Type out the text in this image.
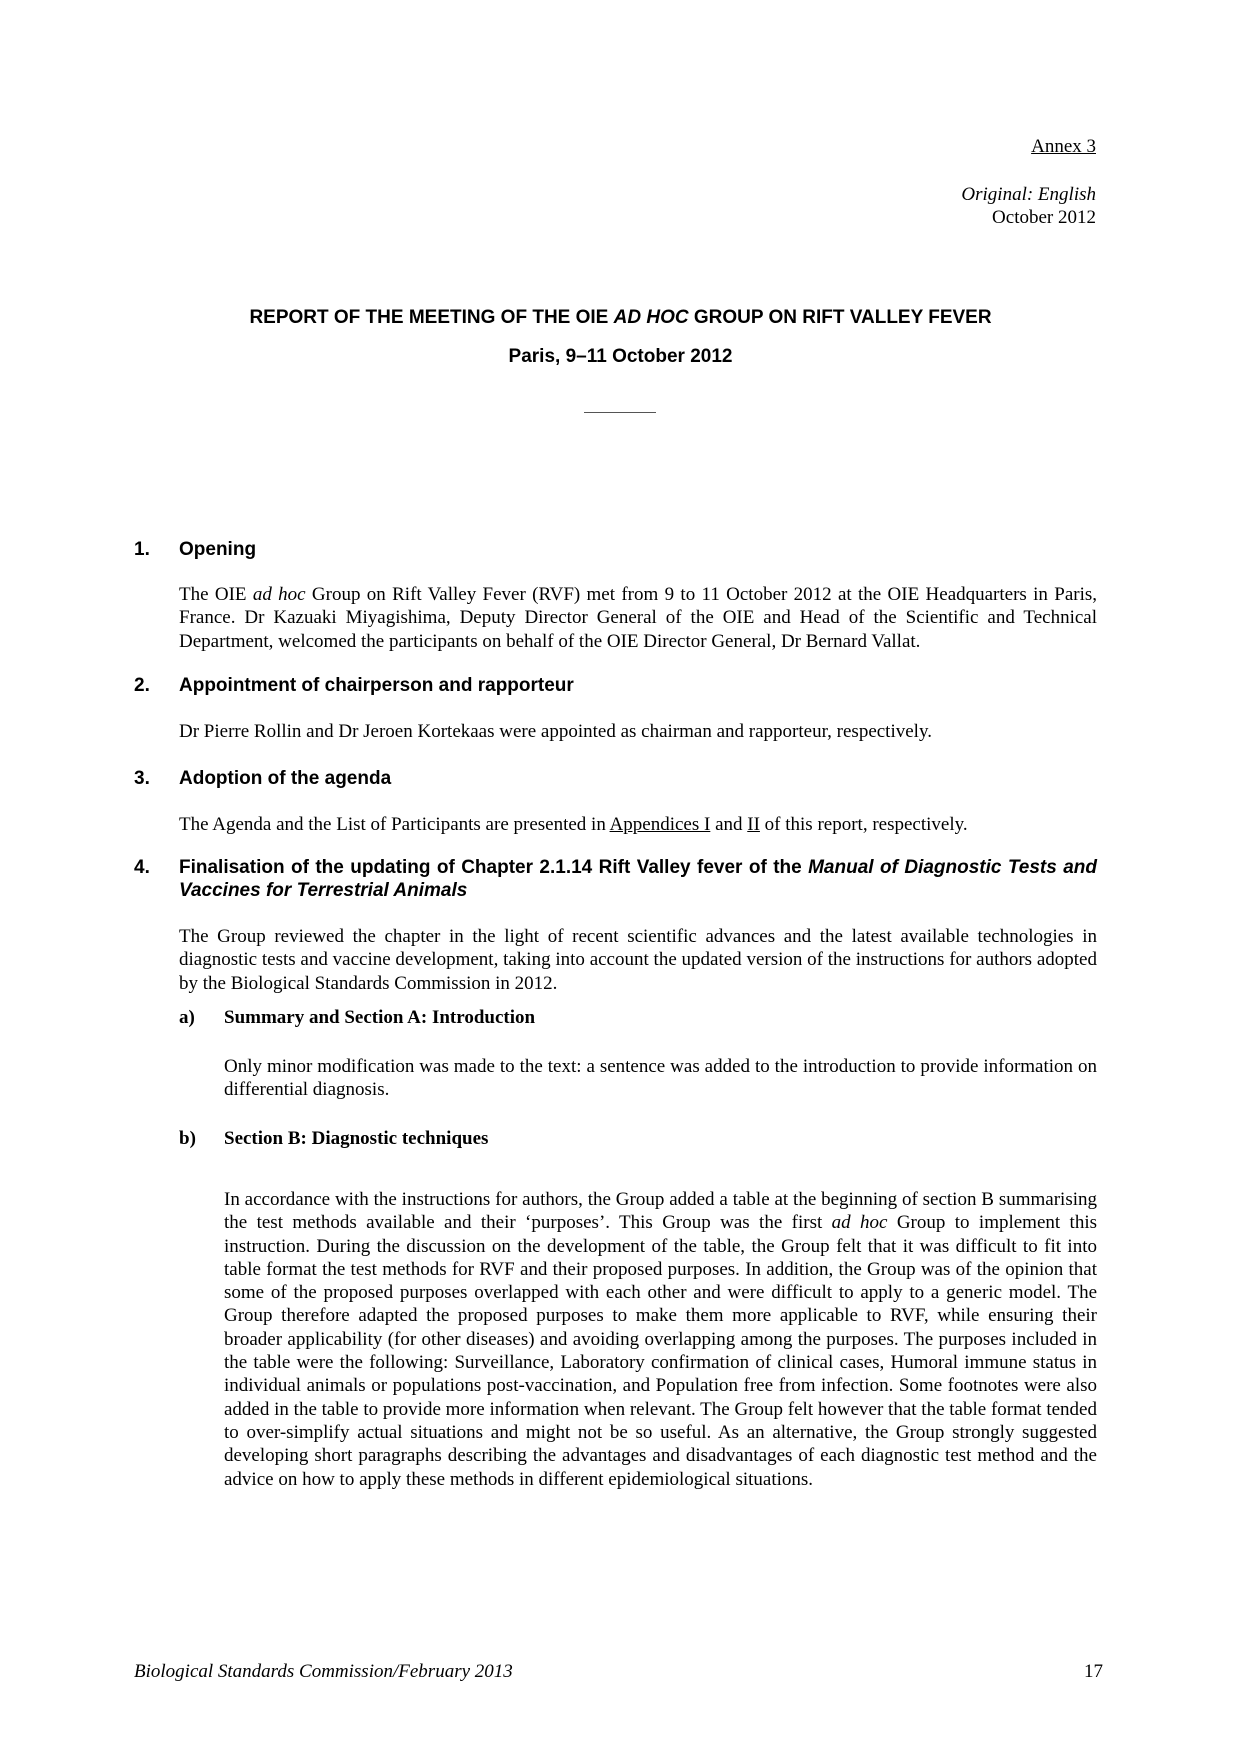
Annex 3
Original: English
October 2012
REPORT OF THE MEETING OF THE OIE AD HOC GROUP ON RIFT VALLEY FEVER
Paris, 9–11 October 2012
1. Opening
The OIE ad hoc Group on Rift Valley Fever (RVF) met from 9 to 11 October 2012 at the OIE Headquarters in Paris, France. Dr Kazuaki Miyagishima, Deputy Director General of the OIE and Head of the Scientific and Technical Department, welcomed the participants on behalf of the OIE Director General, Dr Bernard Vallat.
2. Appointment of chairperson and rapporteur
Dr Pierre Rollin and Dr Jeroen Kortekaas were appointed as chairman and rapporteur, respectively.
3. Adoption of the agenda
The Agenda and the List of Participants are presented in Appendices I and II of this report, respectively.
4. Finalisation of the updating of Chapter 2.1.14 Rift Valley fever of the Manual of Diagnostic Tests and Vaccines for Terrestrial Animals
The Group reviewed the chapter in the light of recent scientific advances and the latest available technologies in diagnostic tests and vaccine development, taking into account the updated version of the instructions for authors adopted by the Biological Standards Commission in 2012.
a) Summary and Section A: Introduction
Only minor modification was made to the text: a sentence was added to the introduction to provide information on differential diagnosis.
b) Section B: Diagnostic techniques
In accordance with the instructions for authors, the Group added a table at the beginning of section B summarising the test methods available and their ‘purposes’. This Group was the first ad hoc Group to implement this instruction. During the discussion on the development of the table, the Group felt that it was difficult to fit into table format the test methods for RVF and their proposed purposes. In addition, the Group was of the opinion that some of the proposed purposes overlapped with each other and were difficult to apply to a generic model. The Group therefore adapted the proposed purposes to make them more applicable to RVF, while ensuring their broader applicability (for other diseases) and avoiding overlapping among the purposes. The purposes included in the table were the following: Surveillance, Laboratory confirmation of clinical cases, Humoral immune status in individual animals or populations post-vaccination, and Population free from infection. Some footnotes were also added in the table to provide more information when relevant. The Group felt however that the table format tended to over-simplify actual situations and might not be so useful. As an alternative, the Group strongly suggested developing short paragraphs describing the advantages and disadvantages of each diagnostic test method and the advice on how to apply these methods in different epidemiological situations.
Biological Standards Commission/February 2013	17
